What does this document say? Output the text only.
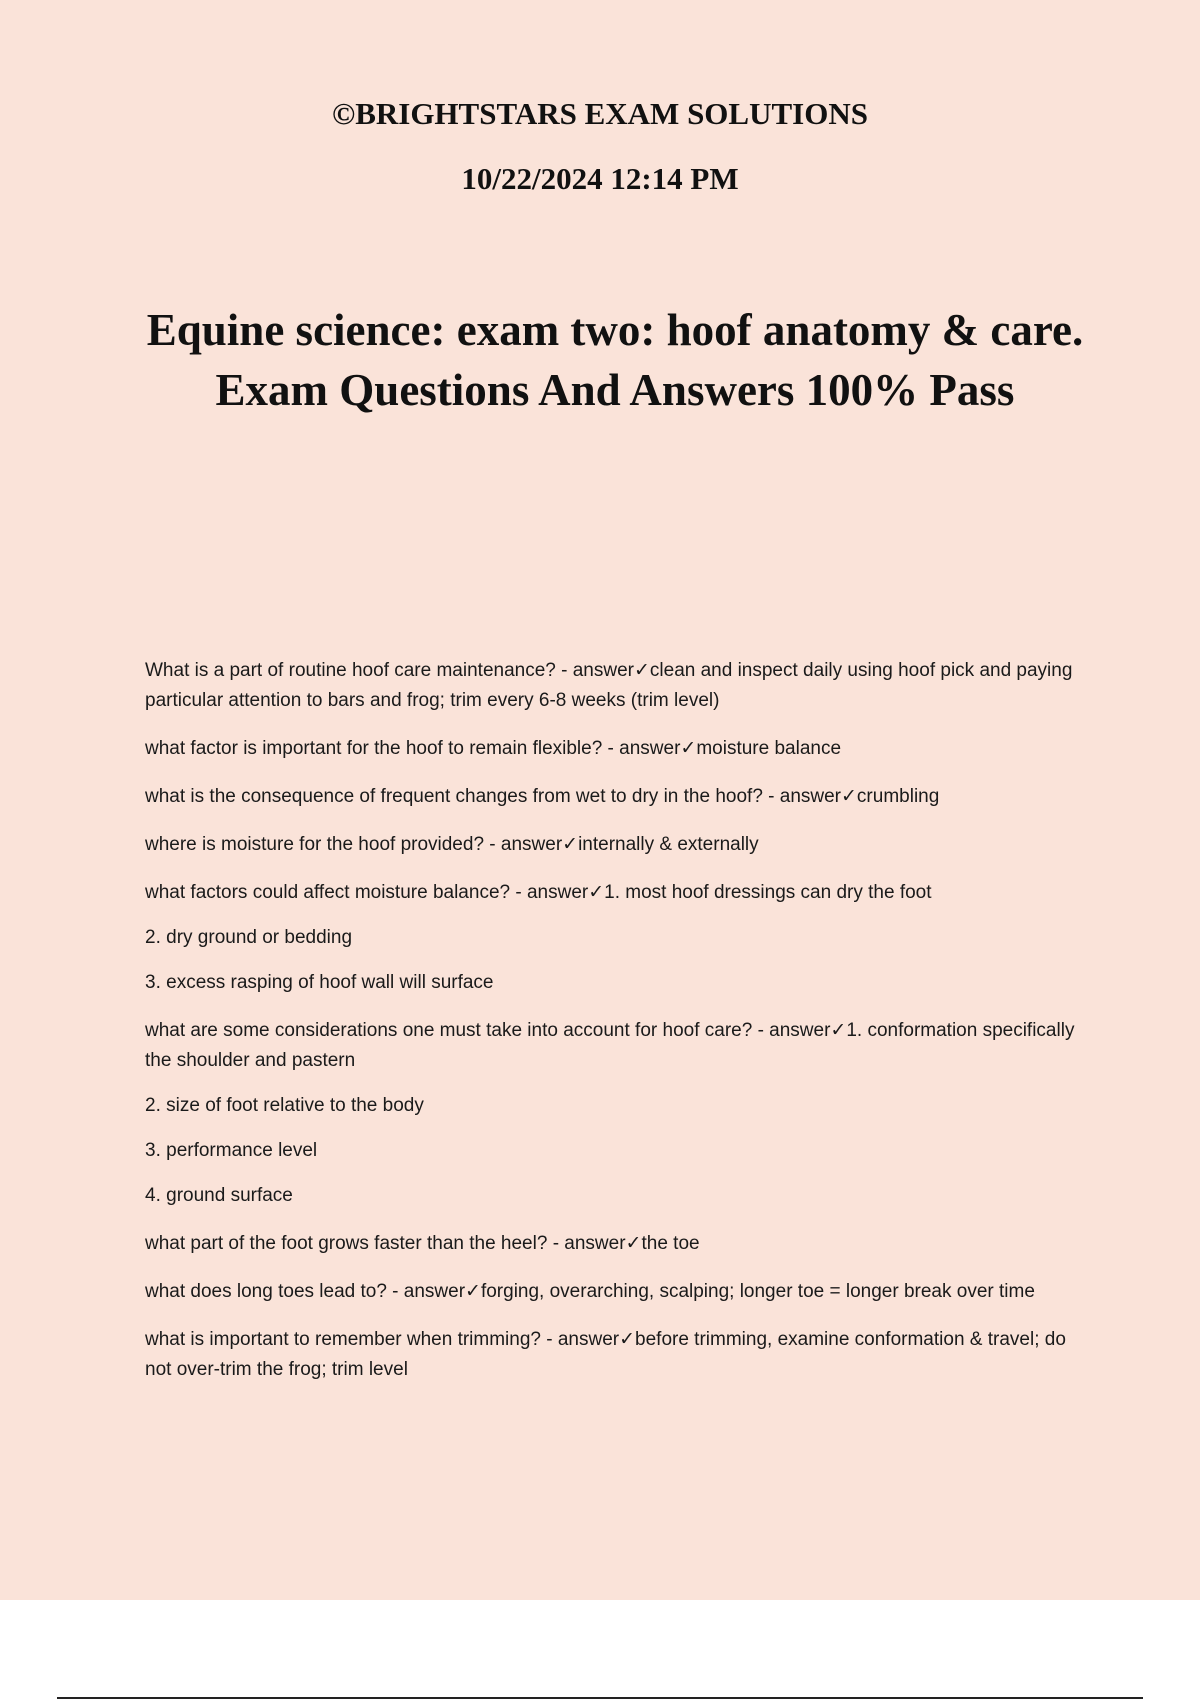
©BRIGHTSTARS EXAM SOLUTIONS
10/22/2024 12:14 PM
Equine science: exam two: hoof anatomy & care. Exam Questions And Answers 100% Pass

What is a part of routine hoof care maintenance? - answer✓clean and inspect daily using hoof pick and paying particular attention to bars and frog; trim every 6-8 weeks (trim level)

what factor is important for the hoof to remain flexible? - answer✓moisture balance

what is the consequence of frequent changes from wet to dry in the hoof? - answer✓crumbling

where is moisture for the hoof provided? - answer✓internally & externally

what factors could affect moisture balance? - answer✓1. most hoof dressings can dry the foot

2. dry ground or bedding

3. excess rasping of hoof wall will surface

what are some considerations one must take into account for hoof care? - answer✓1. conformation specifically the shoulder and pastern

2. size of foot relative to the body

3. performance level

4. ground surface

what part of the foot grows faster than the heel? - answer✓the toe

what does long toes lead to? - answer✓forging, overarching, scalping; longer toe = longer break over time

what is important to remember when trimming? - answer✓before trimming, examine conformation & travel; do not over-trim the frog; trim level
